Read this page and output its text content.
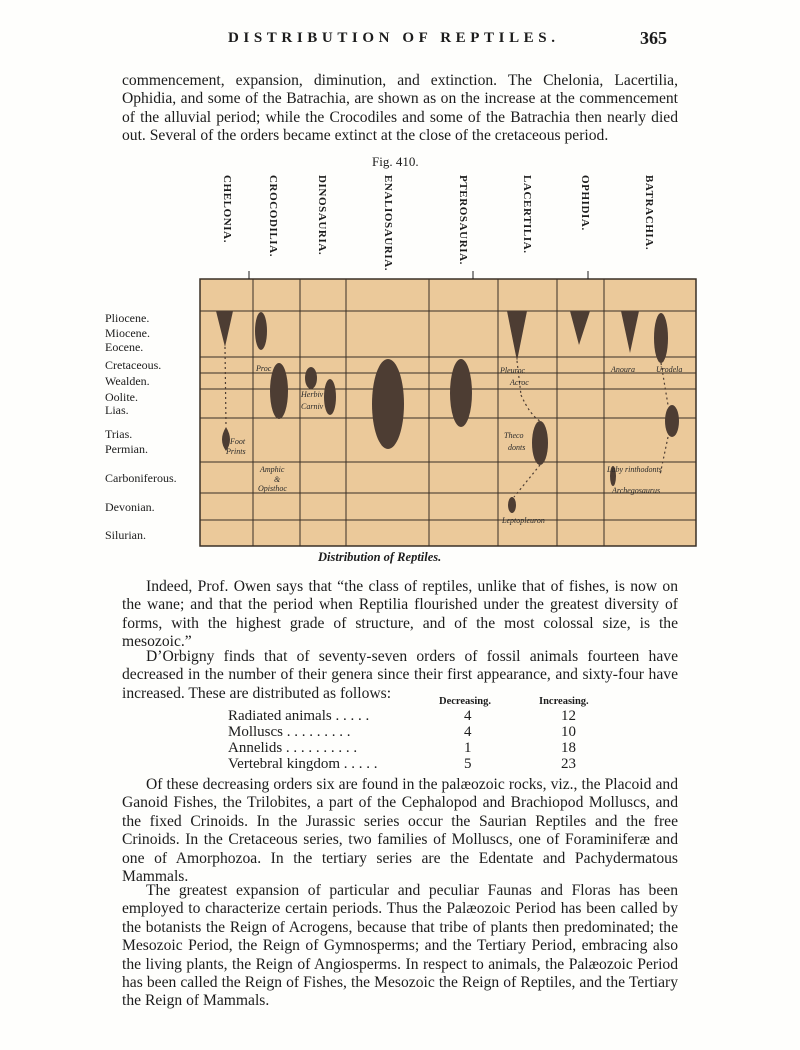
DISTRIBUTION OF REPTILES.	365

commencement, expansion, diminution, and extinction. The Chelonia, Lacertilia, Ophidia, and some of the Batrachia, are shown as on the increase at the commencement of the alluvial period; while the Crocodiles and some of the Batrachia then nearly died out. Several of the orders became extinct at the close of the cretaceous period.

Fig. 410.
CHELONIA.	CROCODILIA.	DINOSAURIA.	ENALIOSAURIA.	PTEROSAURIA.	LACERTILIA.	OPHIDIA.	BATRACHIA.
Pliocene.
Miocene.
Eocene.
Cretaceous.
Wealden.
Oolite.
Lias.
Trias.
Permian.
Carboniferous.
Devonian.
Silurian.
Foot
Prints
Proc
Herbiv
Carniv
Amphic
&
Opisthoc
Pleuroc
Acroc
Theco
donts
Leptopleuron
Anoura	Urodela
Laby rinthodonts
Archegosaurus
Distribution of Reptiles.

Indeed, Prof. Owen says that “the class of reptiles, unlike that of fishes, is now on the wane; and that the period when Reptilia flourished under the greatest diversity of forms, with the highest grade of structure, and of the most colossal size, is the mesozoic.”

D’Orbigny finds that of seventy-seven orders of fossil animals fourteen have decreased in the number of their genera since their first appearance, and sixty-four have increased. These are distributed as follows:	Decreasing.	Increasing.
Radiated animals . . . . .	4	12
Molluscs . . . . . . . . .	4	10
Annelids . . . . . . . . . .	1	18
Vertebral kingdom . . . . .	5	23

Of these decreasing orders six are found in the palæozoic rocks, viz., the Placoid and Ganoid Fishes, the Trilobites, a part of the Cephalopod and Brachiopod Molluscs, and the fixed Crinoids. In the Jurassic series occur the Saurian Reptiles and the free Crinoids. In the Cretaceous series, two families of Molluscs, one of Foraminiferæ and one of Amorphozoa. In the tertiary series are the Edentate and Pachydermatous Mammals.

The greatest expansion of particular and peculiar Faunas and Floras has been employed to characterize certain periods. Thus the Palæozoic Period has been called by the botanists the Reign of Acrogens, because that tribe of plants then predominated; the Mesozoic Period, the Reign of Gymnosperms; and the Tertiary Period, embracing also the living plants, the Reign of Angiosperms. In respect to animals, the Palæozoic Period has been called the Reign of Fishes, the Mesozoic the Reign of Reptiles, and the Tertiary the Reign of Mammals.
